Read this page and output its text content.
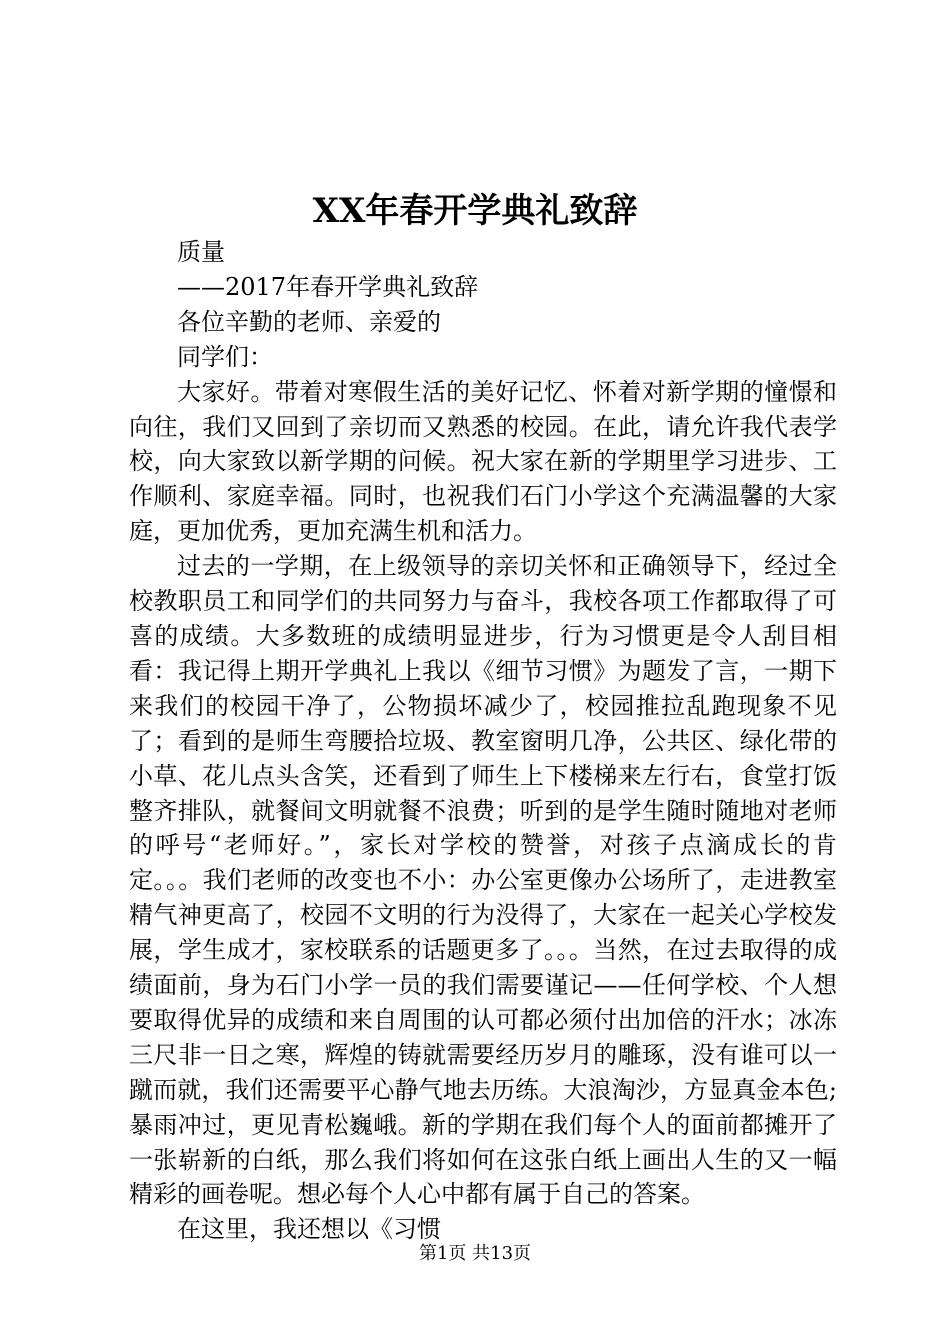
XX年春开学典礼致辞

质量

——2017年春开学典礼致辞

各位辛勤的老师、亲爱的

同学们：

大家好。带着对寒假生活的美好记忆、怀着对新学期的憧憬和向往，我们又回到了亲切而又熟悉的校园。在此，请允许我代表学校，向大家致以新学期的问候。祝大家在新的学期里学习进步、工作顺利、家庭幸福。同时，也祝我们石门小学这个充满温馨的大家庭，更加优秀，更加充满生机和活力。

过去的一学期，在上级领导的亲切关怀和正确领导下，经过全校教职员工和同学们的共同努力与奋斗，我校各项工作都取得了可喜的成绩。大多数班的成绩明显进步，行为习惯更是令人刮目相看：我记得上期开学典礼上我以《细节习惯》为题发了言，一期下来我们的校园干净了，公物损坏减少了，校园推拉乱跑现象不见了；看到的是师生弯腰拾垃圾、教室窗明几净，公共区、绿化带的小草、花儿点头含笑，还看到了师生上下楼梯来左行右，食堂打饭整齐排队，就餐间文明就餐不浪费；听到的是学生随时随地对老师的呼号“老师好。”，家长对学校的赞誉，对孩子点滴成长的肯定。。。我们老师的改变也不小：办公室更像办公场所了，走进教室精气神更高了，校园不文明的行为没得了，大家在一起关心学校发展，学生成才，家校联系的话题更多了。。。当然，在过去取得的成绩面前，身为石门小学一员的我们需要谨记——任何学校、个人想要取得优异的成绩和来自周围的认可都必须付出加倍的汗水；冰冻三尺非一日之寒，辉煌的铸就需要经历岁月的雕琢，没有谁可以一蹴而就，我们还需要平心静气地去历练。大浪淘沙，方显真金本色;暴雨冲过，更见青松巍峨。新的学期在我们每个人的面前都摊开了一张崭新的白纸，那么我们将如何在这张白纸上画出人生的又一幅精彩的画卷呢。想必每个人心中都有属于自己的答案。

在这里，我还想以《习惯

第1页 共13页
